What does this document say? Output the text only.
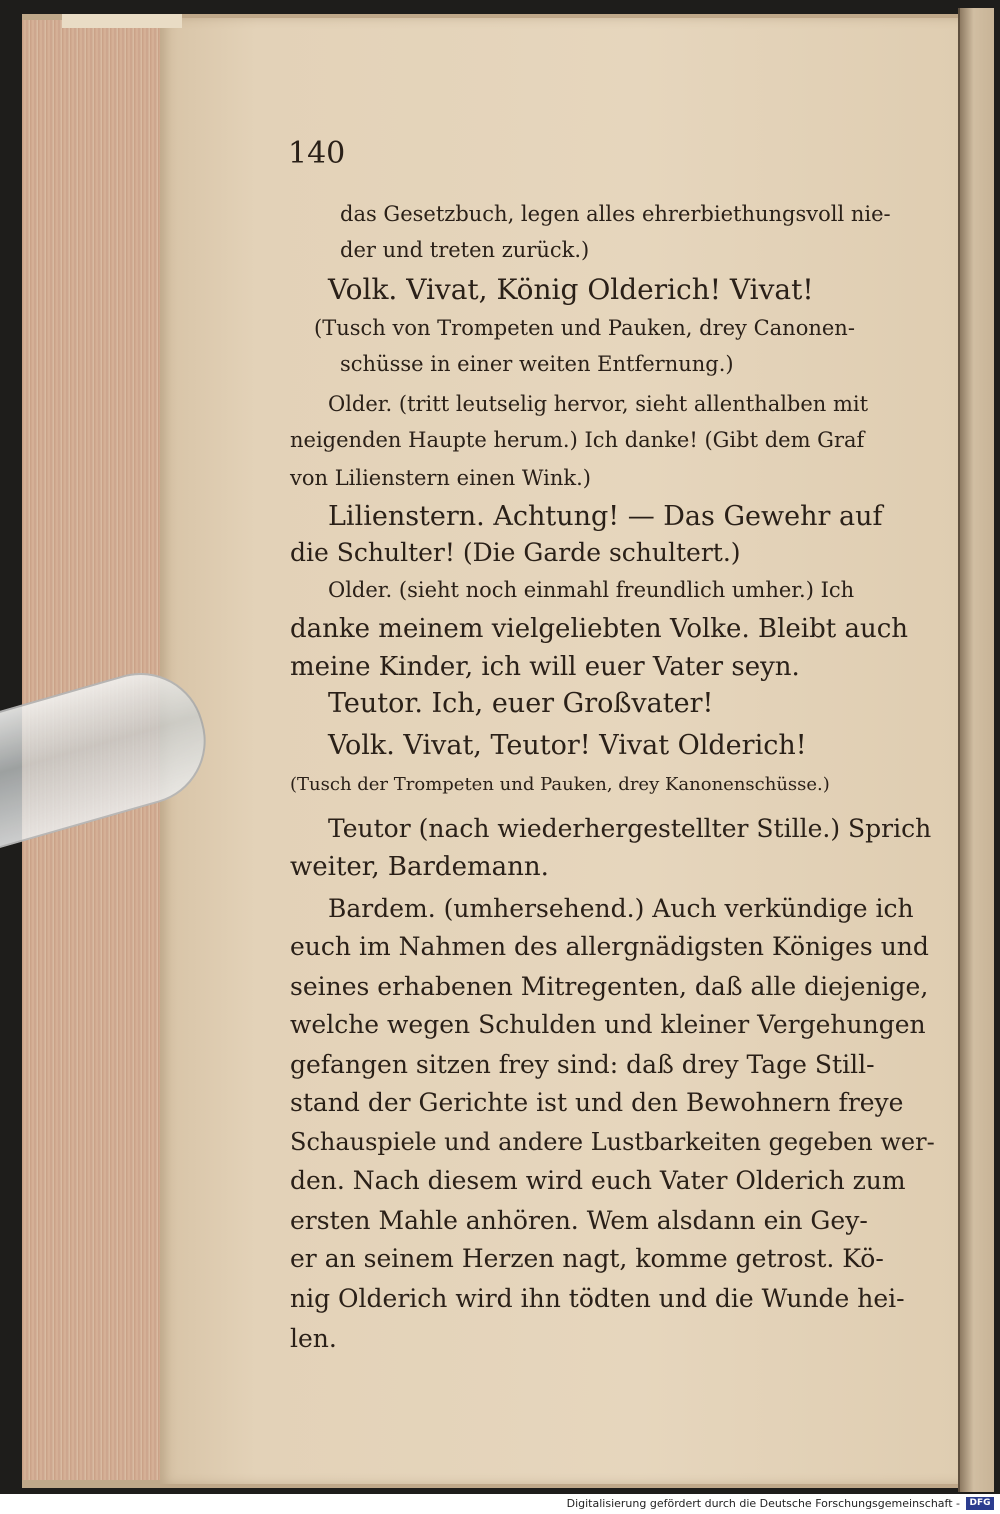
140
das Gesetzbuch, legen alles ehrerbiethungsvoll nie-
der und treten zurück.)
Volk. Vivat, König Olderich! Vivat!
(Tusch von Trompeten und Pauken, drey Canonen-
schüsse in einer weiten Entfernung.)
Older. (tritt leutselig hervor, sieht allenthalben mit
neigenden Haupte herum.) Ich danke! (Gibt dem Graf
von Lilienstern einen Wink.)
Lilienstern. Achtung! — Das Gewehr auf
die Schulter! (Die Garde schultert.)
Older. (sieht noch einmahl freundlich umher.) Ich
danke meinem vielgeliebten Volke. Bleibt auch
meine Kinder, ich will euer Vater seyn.
Teutor. Ich, euer Großvater!
Volk. Vivat, Teutor! Vivat Olderich!
(Tusch der Trompeten und Pauken, drey Kanonenschüsse.)
Teutor (nach wiederhergestellter Stille.) Sprich
weiter, Bardemann.
Bardem. (umhersehend.) Auch verkündige ich
euch im Nahmen des allergnädigsten Königes und
seines erhabenen Mitregenten, daß alle diejenige,
welche wegen Schulden und kleiner Vergehungen
gefangen sitzen frey sind: daß drey Tage Still-
stand der Gerichte ist und den Bewohnern freye
Schauspiele und andere Lustbarkeiten gegeben wer-
den. Nach diesem wird euch Vater Olderich zum
ersten Mahle anhören. Wem alsdann ein Gey-
er an seinem Herzen nagt, komme getrost. Kö-
nig Olderich wird ihn tödten und die Wunde hei-
len.
Digitalisierung gefördert durch die Deutsche Forschungsgemeinschaft -	DFG
